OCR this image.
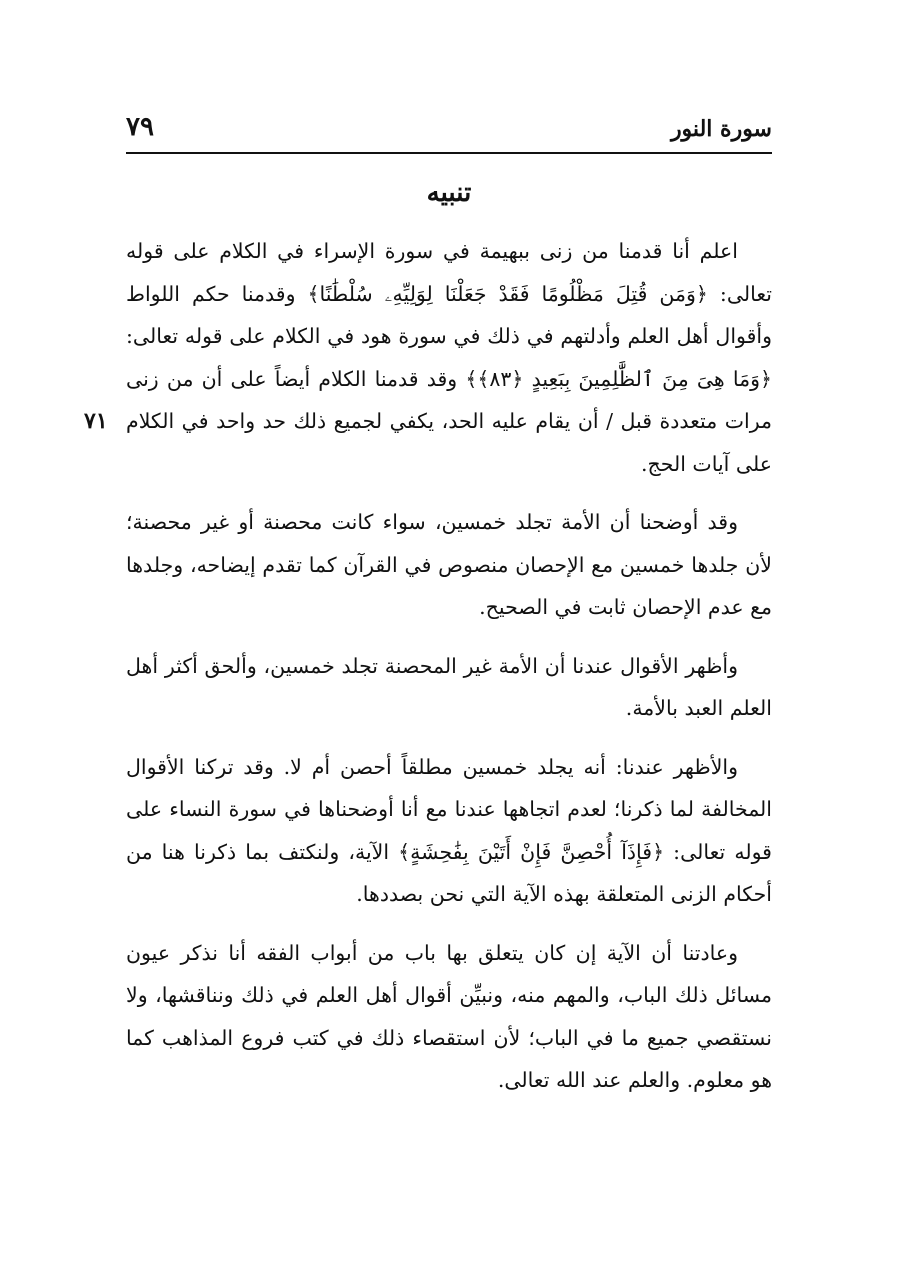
سورة النور
٧٩
تنبيه
٧١

اعلم أنا قدمنا من زنى ببهيمة في سورة الإسراء في الكلام على قوله تعالى: ﴿وَمَن قُتِلَ مَظْلُومًا فَقَدْ جَعَلْنَا لِوَلِيِّهِۦ سُلْطَٰنًا﴾ وقدمنا حكم اللواط وأقوال أهل العلم وأدلتهم في ذلك في سورة هود في الكلام على قوله تعالى: ﴿وَمَا هِىَ مِنَ ٱلظَّٰلِمِينَ بِبَعِيدٍ ﴿٨٣﴾﴾ وقد قدمنا الكلام أيضاً على أن من زنى مرات متعددة قبل / أن يقام عليه الحد، يكفي لجميع ذلك حد واحد في الكلام على آيات الحج.

وقد أوضحنا أن الأمة تجلد خمسين، سواء كانت محصنة أو غير محصنة؛ لأن جلدها خمسين مع الإحصان منصوص في القرآن كما تقدم إيضاحه، وجلدها مع عدم الإحصان ثابت في الصحيح.

وأظهر الأقوال عندنا أن الأمة غير المحصنة تجلد خمسين، وألحق أكثر أهل العلم العبد بالأمة.

والأظهر عندنا: أنه يجلد خمسين مطلقاً أحصن أم لا. وقد تركنا الأقوال المخالفة لما ذكرنا؛ لعدم اتجاهها عندنا مع أنا أوضحناها في سورة النساء على قوله تعالى: ﴿فَإِذَآ أُحْصِنَّ فَإِنْ أَتَيْنَ بِفَٰحِشَةٍ﴾ الآية، ولنكتف بما ذكرنا هنا من أحكام الزنى المتعلقة بهذه الآية التي نحن بصددها.

وعادتنا أن الآية إن كان يتعلق بها باب من أبواب الفقه أنا نذكر عيون مسائل ذلك الباب، والمهم منه، ونبيِّن أقوال أهل العلم في ذلك ونناقشها، ولا نستقصي جميع ما في الباب؛ لأن استقصاء ذلك في كتب فروع المذاهب كما هو معلوم. والعلم عند الله تعالى.
